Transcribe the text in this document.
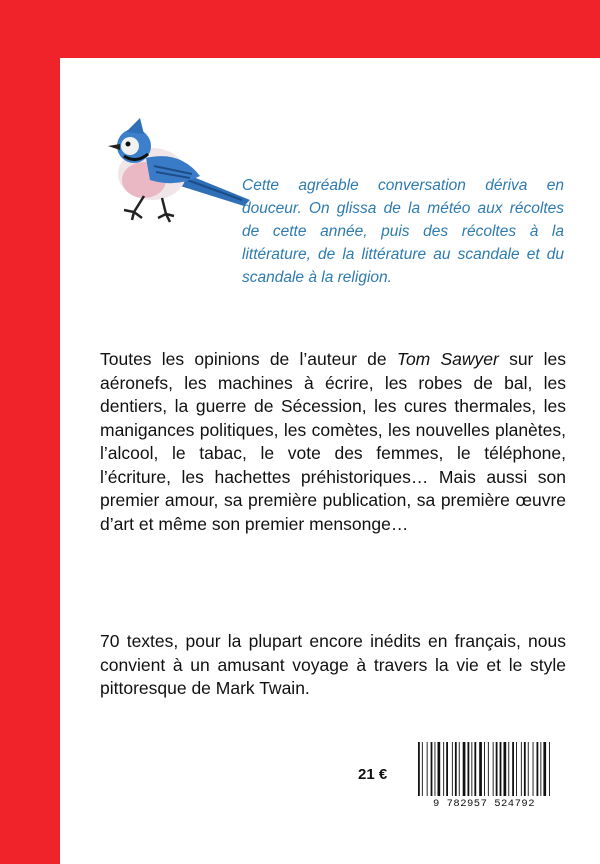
Cette agréable conversation dériva en douceur. On glissa de la météo aux récoltes de cette année, puis des récoltes à la littérature, de la littérature au scandale et du scandale à la religion.
Toutes les opinions de l’auteur de Tom Sawyer sur les aéronefs, les machines à écrire, les robes de bal, les dentiers, la guerre de Sécession, les cures thermales, les manigances politiques, les comètes, les nouvelles planètes, l’alcool, le tabac, le vote des femmes, le téléphone, l’écriture, les hachettes préhistoriques… Mais aussi son premier amour, sa première publication, sa première œuvre d’art et même son premier mensonge…
70 textes, pour la plupart encore inédits en français, nous convient à un amusant voyage à travers la vie et le style pittoresque de Mark Twain.
21 €
9 782957 524792
